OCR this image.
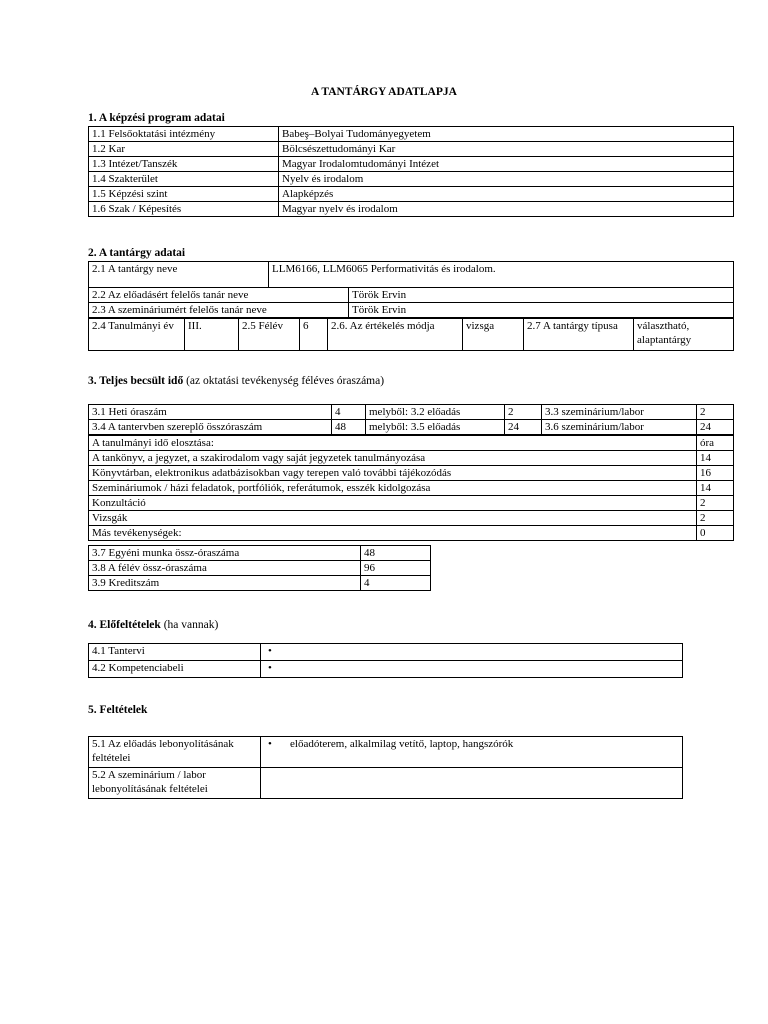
A TANTÁRGY ADATLAPJA
1. A képzési program adatai
1.1 Felsőoktatási intézmény	Babeş–Bolyai Tudományegyetem
1.2 Kar	Bölcsészettudományi Kar
1.3 Intézet/Tanszék	Magyar Irodalomtudományi Intézet
1.4 Szakterület	Nyelv és irodalom
1.5 Képzési szint	Alapképzés
1.6 Szak / Képesítés	Magyar nyelv és irodalom
2. A tantárgy adatai
2.1 A tantárgy neve	LLM6166, LLM6065 Performativitás és irodalom.
2.2 Az előadásért felelős tanár neve	Török Ervin
2.3 A szemináriumért felelős tanár neve	Török Ervin
2.4 Tanulmányi év	III.	2.5 Félév	6	2.6. Az értékelés módja	vizsga	2.7 A tantárgy típusa	választható, alaptantárgy
3. Teljes becsült idő (az oktatási tevékenység féléves óraszáma)
3.1 Heti óraszám	4	melyből: 3.2 előadás	2	3.3 szeminárium/labor	2
3.4 A tantervben szereplő összóraszám	48	melyből: 3.5 előadás	24	3.6 szeminárium/labor	24
A tanulmányi idő elosztása:	óra
A tankönyv, a jegyzet, a szakirodalom vagy saját jegyzetek tanulmányozása	14
Könyvtárban, elektronikus adatbázisokban vagy terepen való további tájékozódás	16
Szemináriumok / házi feladatok, portfóliók, referátumok, esszék kidolgozása	14
Konzultáció	2
Vizsgák	2
Más tevékenységek:	0
3.7 Egyéni munka össz-óraszáma	48
3.8 A félév össz-óraszáma	96
3.9 Kreditszám	4
4. Előfeltételek (ha vannak)
4.1 Tantervi	•
4.2 Kompetenciabeli	•
5. Feltételek
5.1 Az előadás lebonyolításának feltételei	• előadóterem, alkalmilag vetítő, laptop, hangszórók
5.2 A szeminárium / labor lebonyolításának feltételei	
